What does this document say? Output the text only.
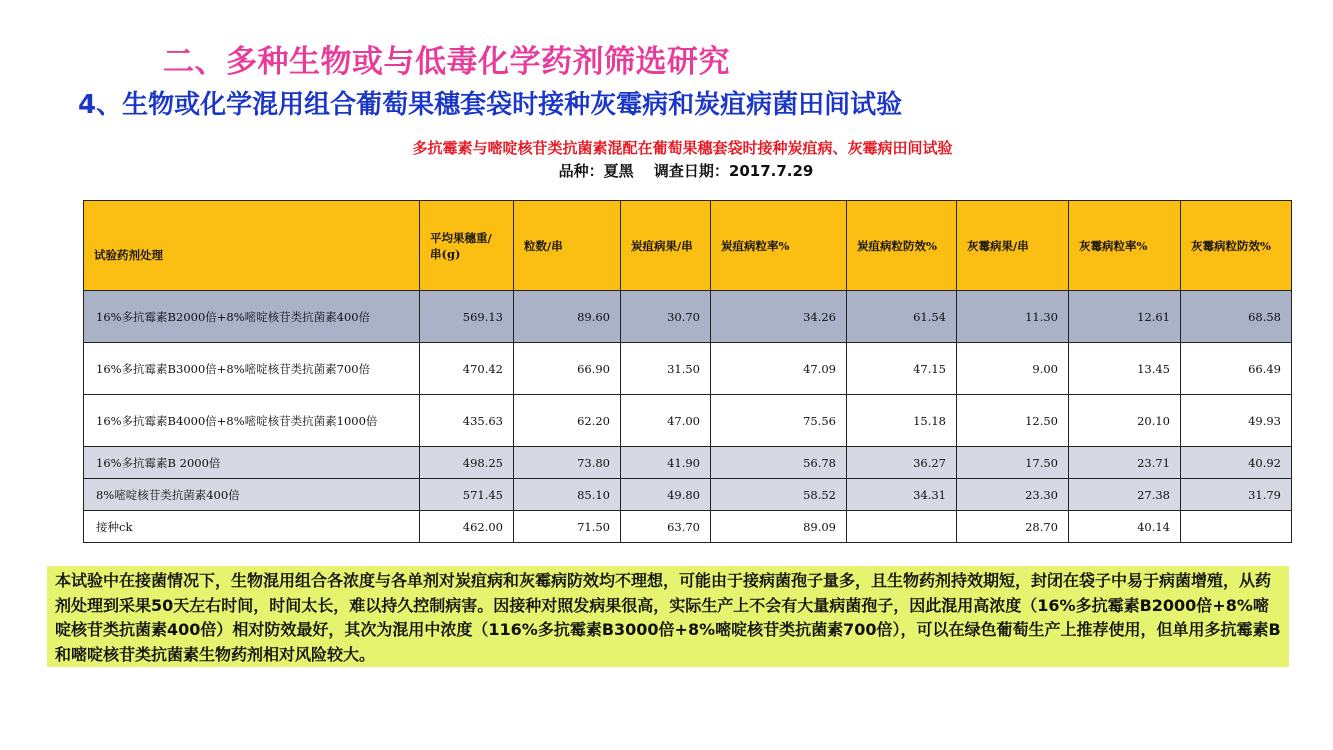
二、多种生物或与低毒化学药剂筛选研究
4、生物或化学混用组合葡萄果穗套袋时接种灰霉病和炭疽病菌田间试验
多抗霉素与嘧啶核苷类抗菌素混配在葡萄果穗套袋时接种炭疽病、灰霉病田间试验
品种：夏黑　 调查日期：2017.7.29
试验药剂处理	平均果穗重/串(g)	粒数/串	炭疽病果/串	炭疽病粒率%	炭疽病粒防效%	灰霉病果/串	灰霉病粒率%	灰霉病粒防效%
16%多抗霉素B2000倍+8%嘧啶核苷类抗菌素400倍	569.13	89.60	30.70	34.26	61.54	11.30	12.61	68.58
16%多抗霉素B3000倍+8%嘧啶核苷类抗菌素700倍	470.42	66.90	31.50	47.09	47.15	9.00	13.45	66.49
16%多抗霉素B4000倍+8%嘧啶核苷类抗菌素1000倍	435.63	62.20	47.00	75.56	15.18	12.50	20.10	49.93
16%多抗霉素B 2000倍	498.25	73.80	41.90	56.78	36.27	17.50	23.71	40.92
8%嘧啶核苷类抗菌素400倍	571.45	85.10	49.80	58.52	34.31	23.30	27.38	31.79
接种ck	462.00	71.50	63.70	89.09		28.70	40.14	
本试验中在接菌情况下，生物混用组合各浓度与各单剂对炭疽病和灰霉病防效均不理想，可能由于接病菌孢子量多，且生物药剂持效期短，封闭在袋子中易于病菌增殖，从药剂处理到采果50天左右时间，时间太长，难以持久控制病害。因接种对照发病果很高，实际生产上不会有大量病菌孢子，因此混用高浓度（16%多抗霉素B2000倍+8%嘧啶核苷类抗菌素400倍）相对防效最好，其次为混用中浓度（116%多抗霉素B3000倍+8%嘧啶核苷类抗菌素700倍），可以在绿色葡萄生产上推荐使用，但单用多抗霉素B和嘧啶核苷类抗菌素生物药剂相对风险较大。
